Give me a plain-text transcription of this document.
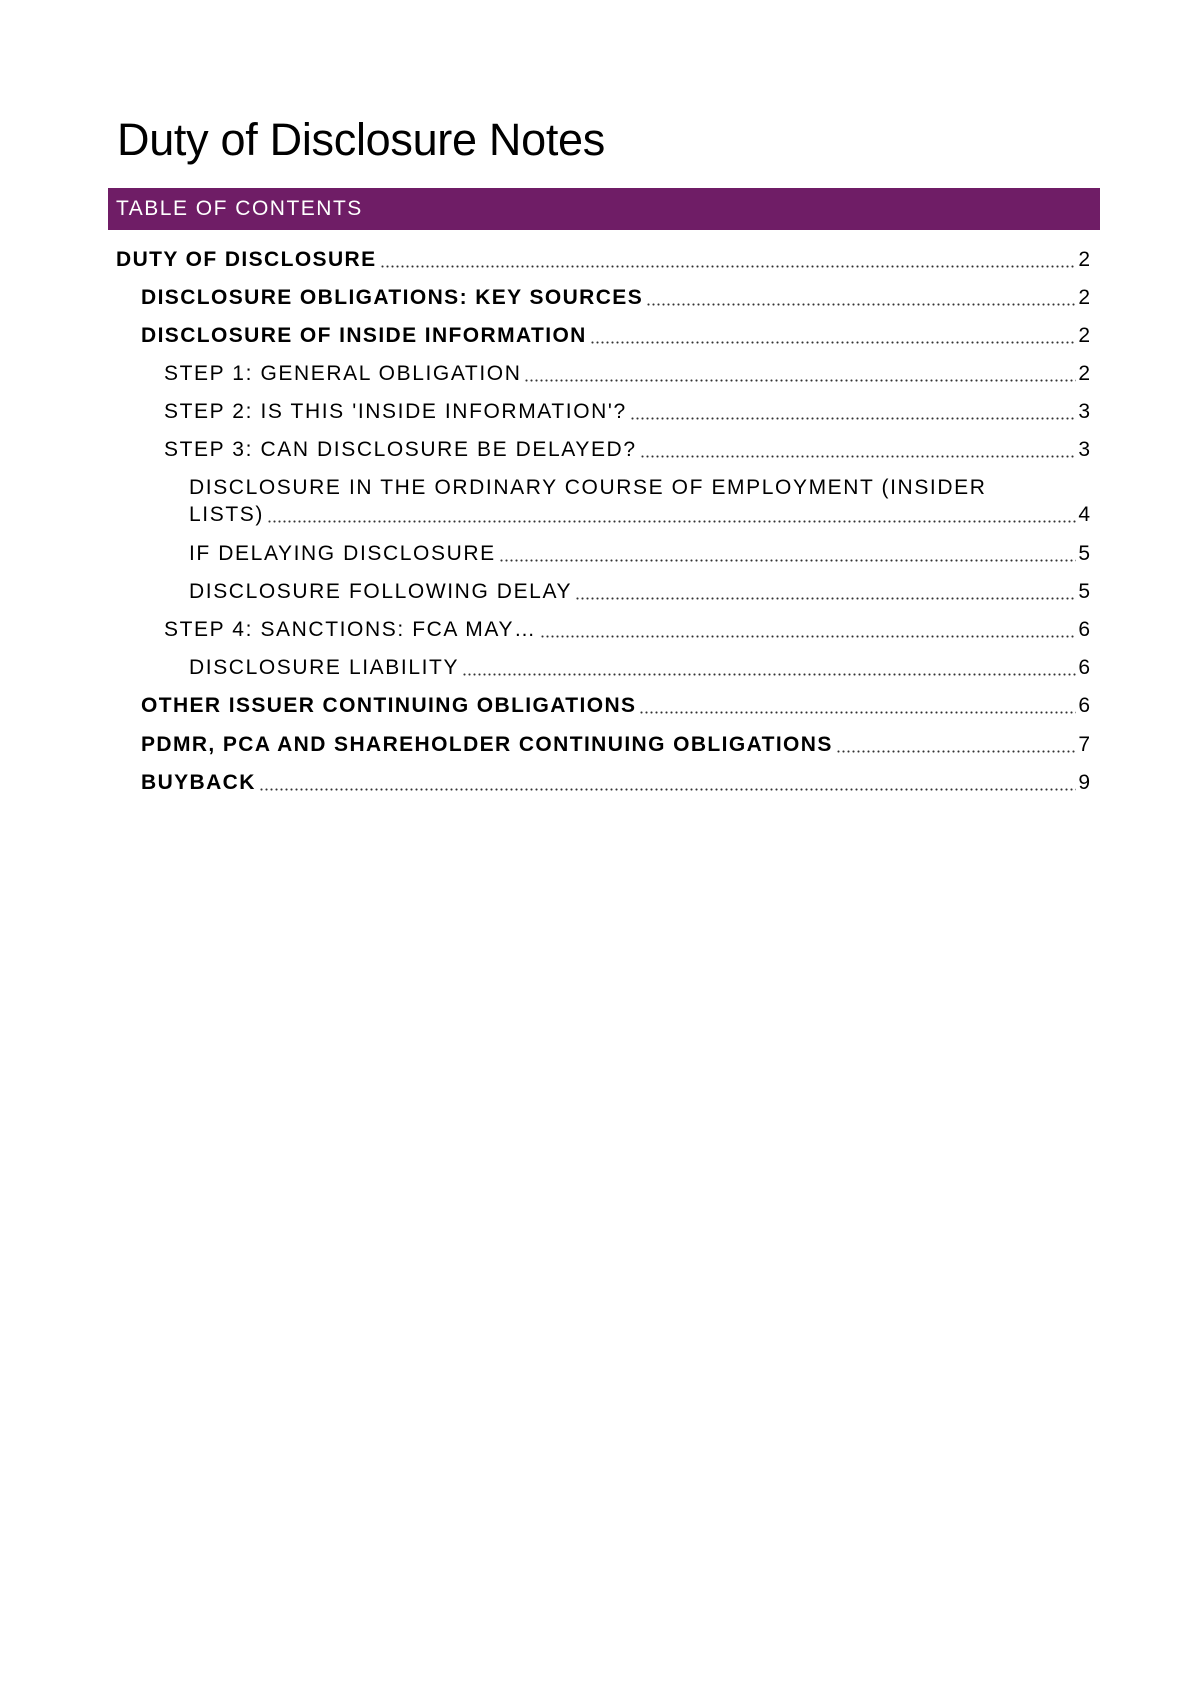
Duty of Disclosure Notes
TABLE OF CONTENTS
DUTY OF DISCLOSURE	2
DISCLOSURE OBLIGATIONS: KEY SOURCES	2
DISCLOSURE OF INSIDE INFORMATION	2
STEP 1: GENERAL OBLIGATION	2
STEP 2: IS THIS 'INSIDE INFORMATION'?	3
STEP 3: CAN DISCLOSURE BE DELAYED?	3
DISCLOSURE IN THE ORDINARY COURSE OF EMPLOYMENT (INSIDER
LISTS)	4
IF DELAYING DISCLOSURE	5
DISCLOSURE FOLLOWING DELAY	5
STEP 4: SANCTIONS: FCA MAY…	6
DISCLOSURE LIABILITY	6
OTHER ISSUER CONTINUING OBLIGATIONS	6
PDMR, PCA AND SHAREHOLDER CONTINUING OBLIGATIONS	7
BUYBACK	9
